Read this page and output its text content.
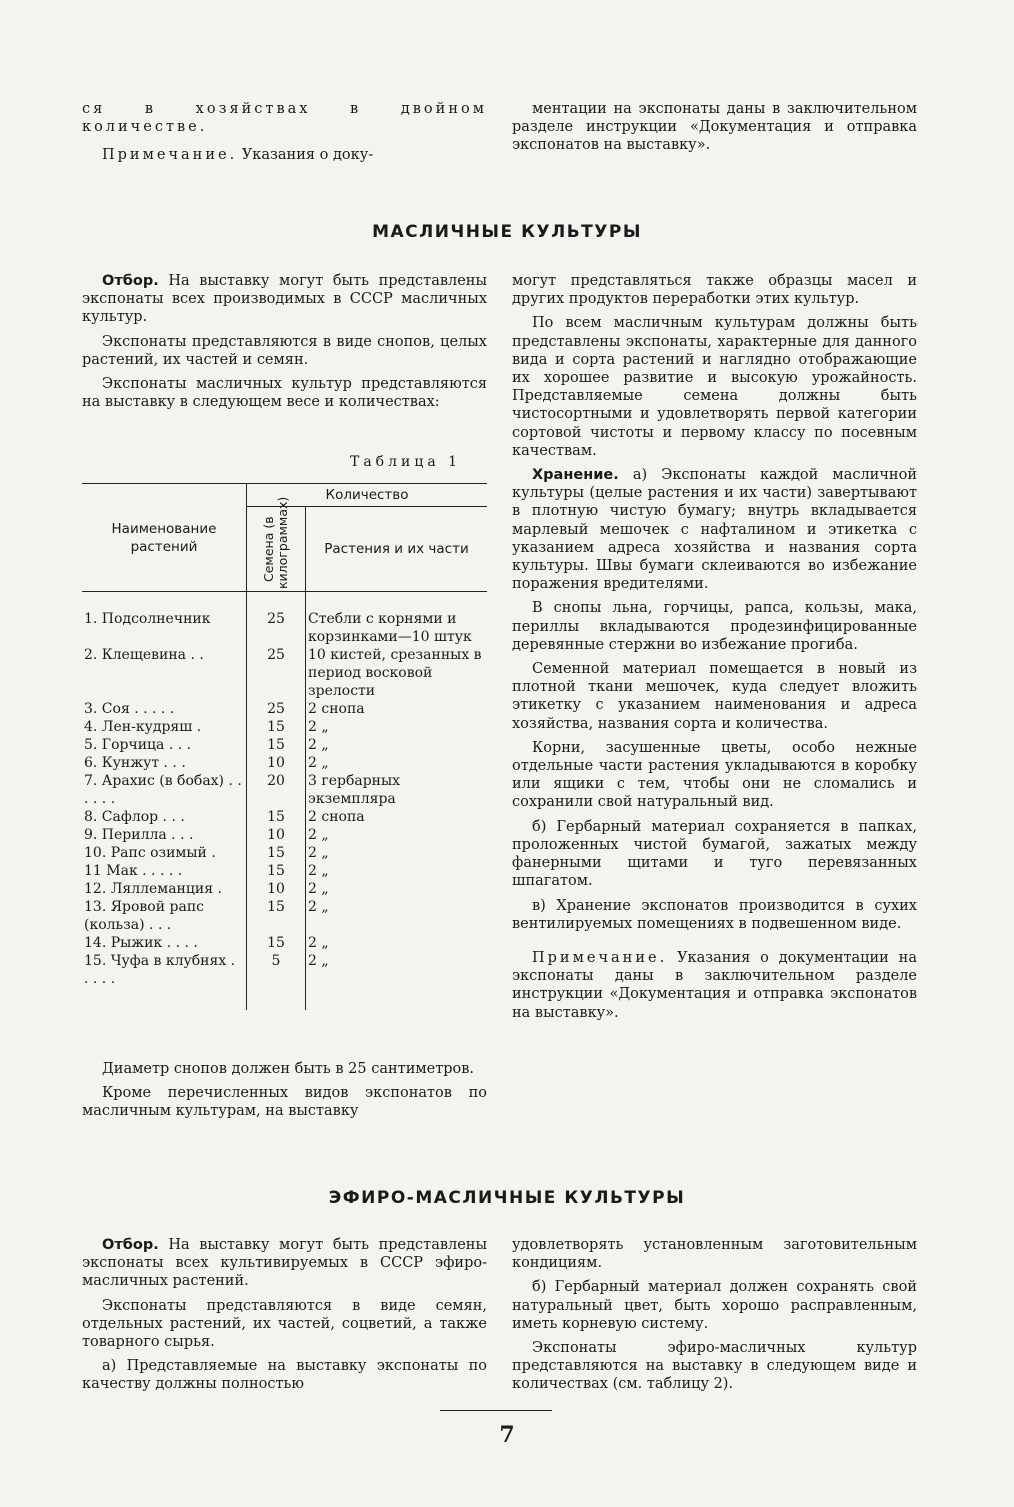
ся в хозяйствах в двойном количестве.

Примечание. Указания о доку-

ментации на экспонаты даны в заключительном разделе инструкции «Документация и отправка экспонатов на выставку».

МАСЛИЧНЫЕ КУЛЬТУРЫ

Отбор. На выставку могут быть представлены экспонаты всех производимых в СССР масличных культур.

Экспонаты представляются в виде снопов, целых растений, их частей и семян.

Экспонаты масличных культур представляются на выставку в следующем весе и количествах:

Таблица 1
Наименование растений	Количество	

	Семена (в килограммах)	Растения и их части
1. Подсолнечник	25	Стебли с корнями и корзинками—10 штук
2. Клещевина . .	25	10 кистей, срезанных в период восковой зрелости
3. Соя . . . . .	25	2 снопа
4. Лен-кудряш .	15	2 „
5. Горчица . . .	15	2 „
6. Кунжут . . .	10	2 „
7. Арахис (в бобах) . . . . . .	20	3 гербарных экземпляра
8. Сафлор . . .	15	2 снопа
9. Перилла . . .	10	2 „
10. Рапс озимый .	15	2 „
11 Мак . . . . .	15	2 „
12. Ляллеманция .	10	2 „
13. Яровой рапс (кольза) . . .	15	2 „
14. Рыжик . . . .	15	2 „
15. Чуфа в клубнях . . . . .	5	2 „

Диаметр снопов должен быть в 25 сантиметров.

Кроме перечисленных видов экспонатов по масличным культурам, на выставку

могут представляться также образцы масел и других продуктов переработки этих культур.

По всем масличным культурам должны быть представлены экспонаты, характерные для данного вида и сорта растений и наглядно отображающие их хорошее развитие и высокую урожайность. Представляемые семена должны быть чистосортными и удовлетворять первой категории сортовой чистоты и первому классу по посевным качествам.

Хранение. а) Экспонаты каждой масличной культуры (целые растения и их части) завертывают в плотную чистую бумагу; внутрь вкладывается марлевый мешочек с нафталином и этикетка с указанием адреса хозяйства и названия сорта культуры. Швы бумаги склеиваются во избежание поражения вредителями.

В снопы льна, горчицы, рапса, кользы, мака, периллы вкладываются продезинфицированные деревянные стержни во избежание прогиба.

Семенной материал помещается в новый из плотной ткани мешочек, куда следует вложить этикетку с указанием наименования и адреса хозяйства, названия сорта и количества.

Корни, засушенные цветы, особо нежные отдельные части растения укладываются в коробку или ящики с тем, чтобы они не сломались и сохранили свой натуральный вид.

б) Гербарный материал сохраняется в папках, проложенных чистой бумагой, зажатых между фанерными щитами и туго перевязанных шпагатом.

в) Хранение экспонатов производится в сухих вентилируемых помещениях в подвешенном виде.

Примечание. Указания о документации на экспонаты даны в заключительном разделе инструкции «Документация и отправка экспонатов на выставку».

ЭФИРО-МАСЛИЧНЫЕ КУЛЬТУРЫ

Отбор. На выставку могут быть представлены экспонаты всех культивируемых в СССР эфиро-масличных растений.

Экспонаты представляются в виде семян, отдельных растений, их частей, соцветий, а также товарного сырья.

а) Представляемые на выставку экспонаты по качеству должны полностью

удовлетворять установленным заготовительным кондициям.

б) Гербарный материал должен сохранять свой натуральный цвет, быть хорошо расправленным, иметь корневую систему.

Экспонаты эфиро-масличных культур представляются на выставку в следующем виде и количествах (см. таблицу 2).

7
